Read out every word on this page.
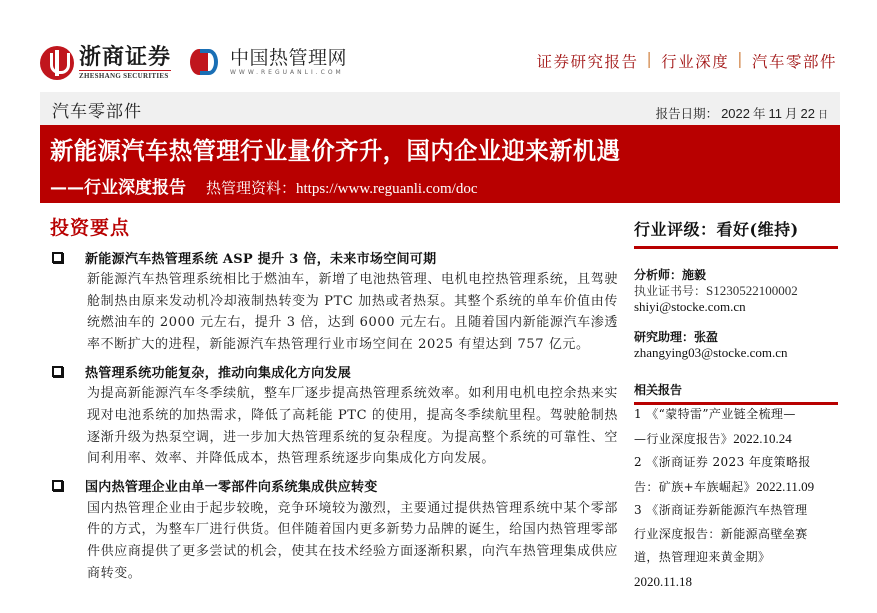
浙商证券
ZHESHANG SECURITIES
中国热管理网
WWW.REGUANLI.COM
证券研究报告 | 行业深度 | 汽车零部件
汽车零部件	报告日期： 2022 年 11 月 22 日
新能源汽车热管理行业量价齐升，国内企业迎来新机遇
——行业深度报告 热管理资料：https://www.reguanli.com/doc
投资要点
新能源汽车热管理系统 ASP 提升 3 倍，未来市场空间可期
新能源汽车热管理系统相比于燃油车，新增了电池热管理、电机电控热管理系统，且驾驶舱制热由原来发动机冷却液制热转变为 PTC 加热或者热泵。其整个系统的单车价值由传统燃油车的 2000 元左右，提升 3 倍，达到 6000 元左右。且随着国内新能源汽车渗透率不断扩大的进程，新能源汽车热管理行业市场空间在 2025 有望达到 757 亿元。
热管理系统功能复杂，推动向集成化方向发展
为提高新能源汽车冬季续航，整车厂逐步提高热管理系统效率。如利用电机电控余热来实现对电池系统的加热需求，降低了高耗能 PTC 的使用，提高冬季续航里程。驾驶舱制热逐渐升级为热泵空调，进一步加大热管理系统的复杂程度。为提高整个系统的可靠性、空间利用率、效率、并降低成本，热管理系统逐步向集成化方向发展。
国内热管理企业由单一零部件向系统集成供应转变
国内热管理企业由于起步较晚，竞争环境较为激烈，主要通过提供热管理系统中某个零部件的方式，为整车厂进行供货。但伴随着国内更多新势力品牌的诞生，给国内热管理零部件供应商提供了更多尝试的机会，使其在技术经验方面逐渐积累，向汽车热管理集成供应商转变。
行业评级：看好(维持)
分析师：施毅
执业证书号：S1230522100002
shiyi@stocke.com.cn
研究助理：张盈
zhangying03@stocke.com.cn
相关报告
1 《“蒙特雷”产业链全梳理—
—行业深度报告》2022.10.24
2 《浙商证券 2023 年度策略报
告：矿族+车族崛起》2022.11.09
3 《浙商证券新能源汽车热管理
行业深度报告：新能源高壁垒赛
道，热管理迎来黄金期》
2020.11.18
